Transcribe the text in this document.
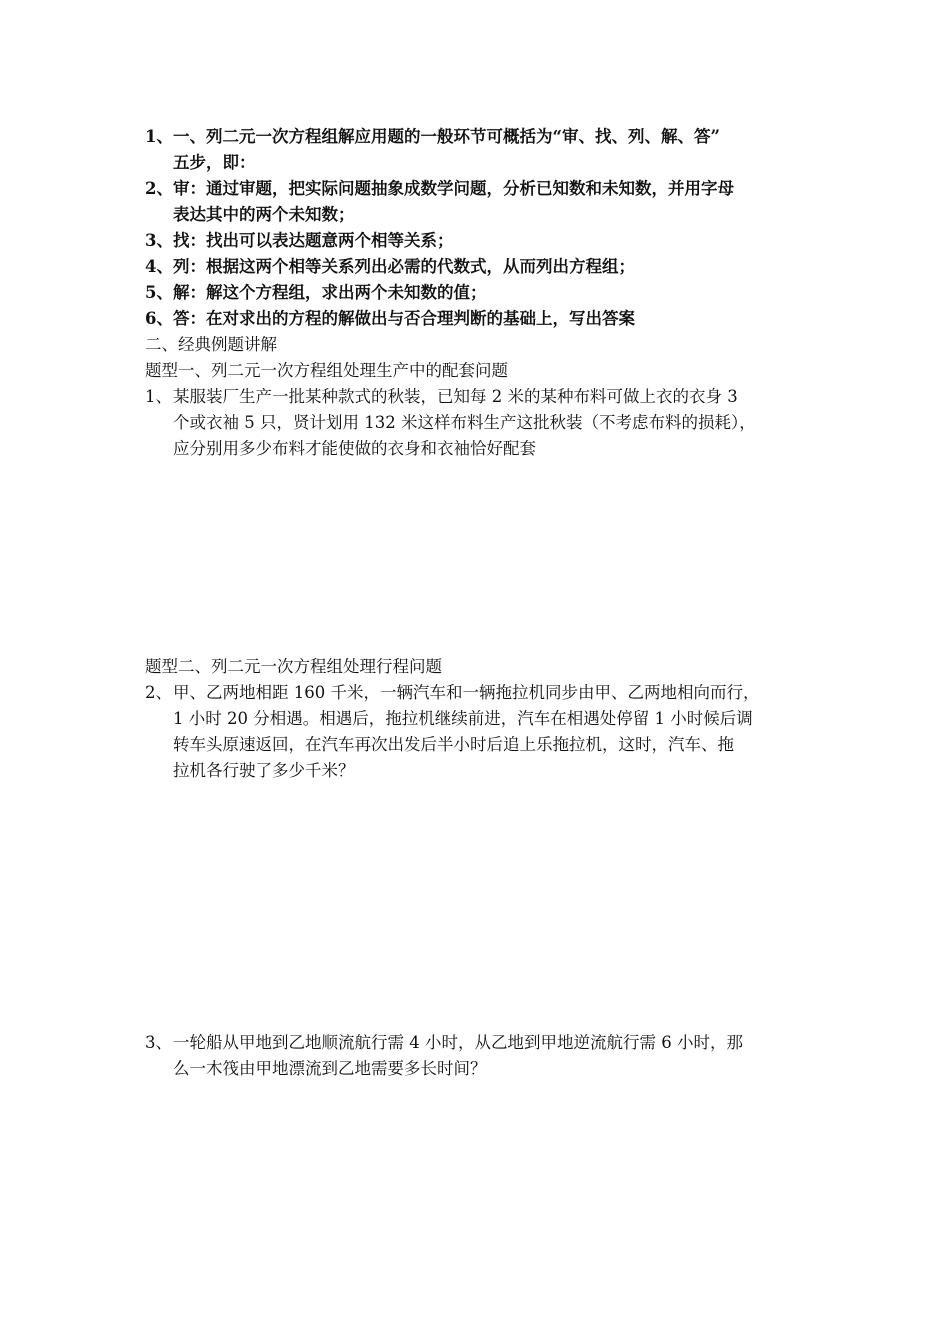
1、 一、列二元一次方程组解应用题的一般环节可概括为“审、找、列、解、答”
五步，即：
2、 审：通过审题，把实际问题抽象成数学问题，分析已知数和未知数，并用字母
表达其中的两个未知数；
3、 找：找出可以表达题意两个相等关系；
4、 列：根据这两个相等关系列出必需的代数式，从而列出方程组；
5、 解：解这个方程组，求出两个未知数的值；
6、 答：在对求出的方程的解做出与否合理判断的基础上，写出答案
二、经典例题讲解
题型一、列二元一次方程组处理生产中的配套问题
1、 某服装厂生产一批某种款式的秋装，已知每 2 米的某种布料可做上衣的衣身 3
个或衣袖 5 只，贤计划用 132 米这样布料生产这批秋装（不考虑布料的损耗），
应分别用多少布料才能使做的衣身和衣袖恰好配套
题型二、列二元一次方程组处理行程问题
2、 甲、乙两地相距 160 千米，一辆汽车和一辆拖拉机同步由甲、乙两地相向而行，
1 小时 20 分相遇。相遇后，拖拉机继续前进，汽车在相遇处停留 1 小时候后调
转车头原速返回，在汽车再次出发后半小时后追上乐拖拉机，这时，汽车、拖
拉机各行驶了多少千米？
3、 一轮船从甲地到乙地顺流航行需 4 小时，从乙地到甲地逆流航行需 6 小时，那
么一木筏由甲地漂流到乙地需要多长时间？
